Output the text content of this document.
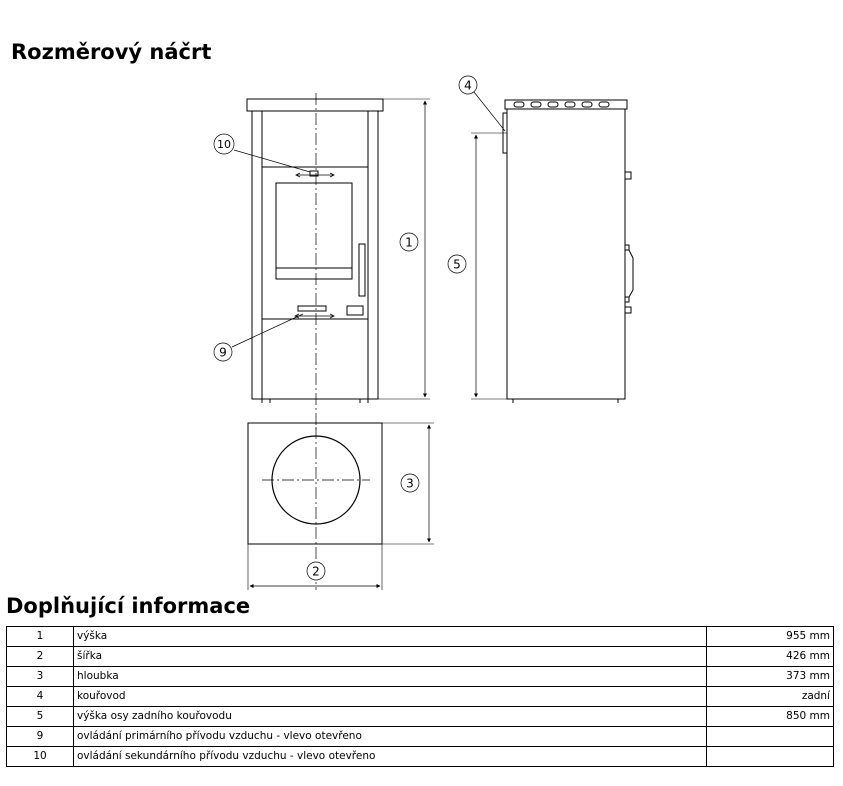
Rozměrový náčrt
1
2
3
4
5
9
10
Doplňující informace
1	výška	955 mm
2	šířka	426 mm
3	hloubka	373 mm
4	kouřovod	zadní
5	výška osy zadního kouřovodu	850 mm
9	ovládání primárního přívodu vzduchu - vlevo otevřeno	
10	ovládání sekundárního přívodu vzduchu - vlevo otevřeno	
